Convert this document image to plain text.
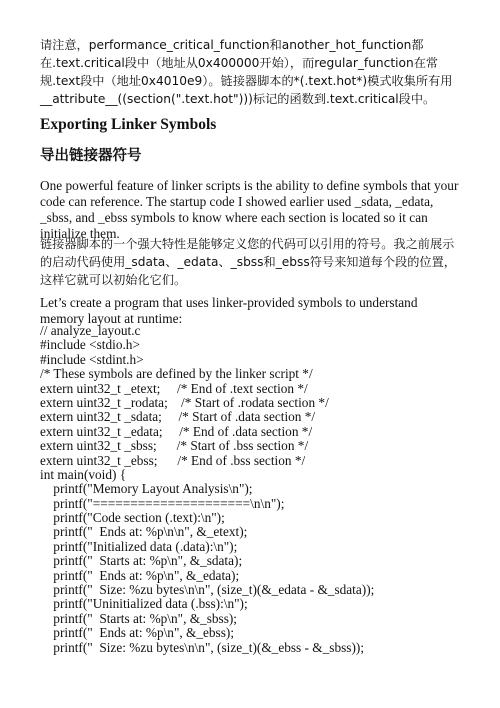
请注意，performance_critical_function和another_hot_function都在.text.critical段中（地址从0x400000开始），而regular_function在常规.text段中（地址0x4010e9）。链接器脚本的*(.text.hot*)模式收集所有用__attribute__((section(".text.hot")))标记的函数到.text.critical段中。

Exporting Linker Symbols
导出链接器符号

One powerful feature of linker scripts is the ability to define symbols that your code can reference. The startup code I showed earlier used _sdata, _edata, _sbss, and _ebss symbols to know where each section is located so it can initialize them.

链接器脚本的一个强大特性是能够定义您的代码可以引用的符号。我之前展示的启动代码使用_sdata、_edata、_sbss和_ebss符号来知道每个段的位置，这样它就可以初始化它们。

Let’s create a program that uses linker-provided symbols to understand memory layout at runtime:

// analyze_layout.c
#include <stdio.h>
#include <stdint.h>
/* These symbols are defined by the linker script */
extern uint32_t _etext;     /* End of .text section */
extern uint32_t _rodata;    /* Start of .rodata section */
extern uint32_t _sdata;     /* Start of .data section */
extern uint32_t _edata;     /* End of .data section */
extern uint32_t _sbss;      /* Start of .bss section */
extern uint32_t _ebss;      /* End of .bss section */
int main(void) {
printf("Memory Layout Analysis\n");
printf("=====================\n\n");
printf("Code section (.text):\n");
printf("  Ends at: %p\n\n", &_etext);
printf("Initialized data (.data):\n");
printf("  Starts at: %p\n", &_sdata);
printf("  Ends at: %p\n", &_edata);
printf("  Size: %zu bytes\n\n", (size_t)(&_edata - &_sdata));
printf("Uninitialized data (.bss):\n");
printf("  Starts at: %p\n", &_sbss);
printf("  Ends at: %p\n", &_ebss);
printf("  Size: %zu bytes\n\n", (size_t)(&_ebss - &_sbss));
